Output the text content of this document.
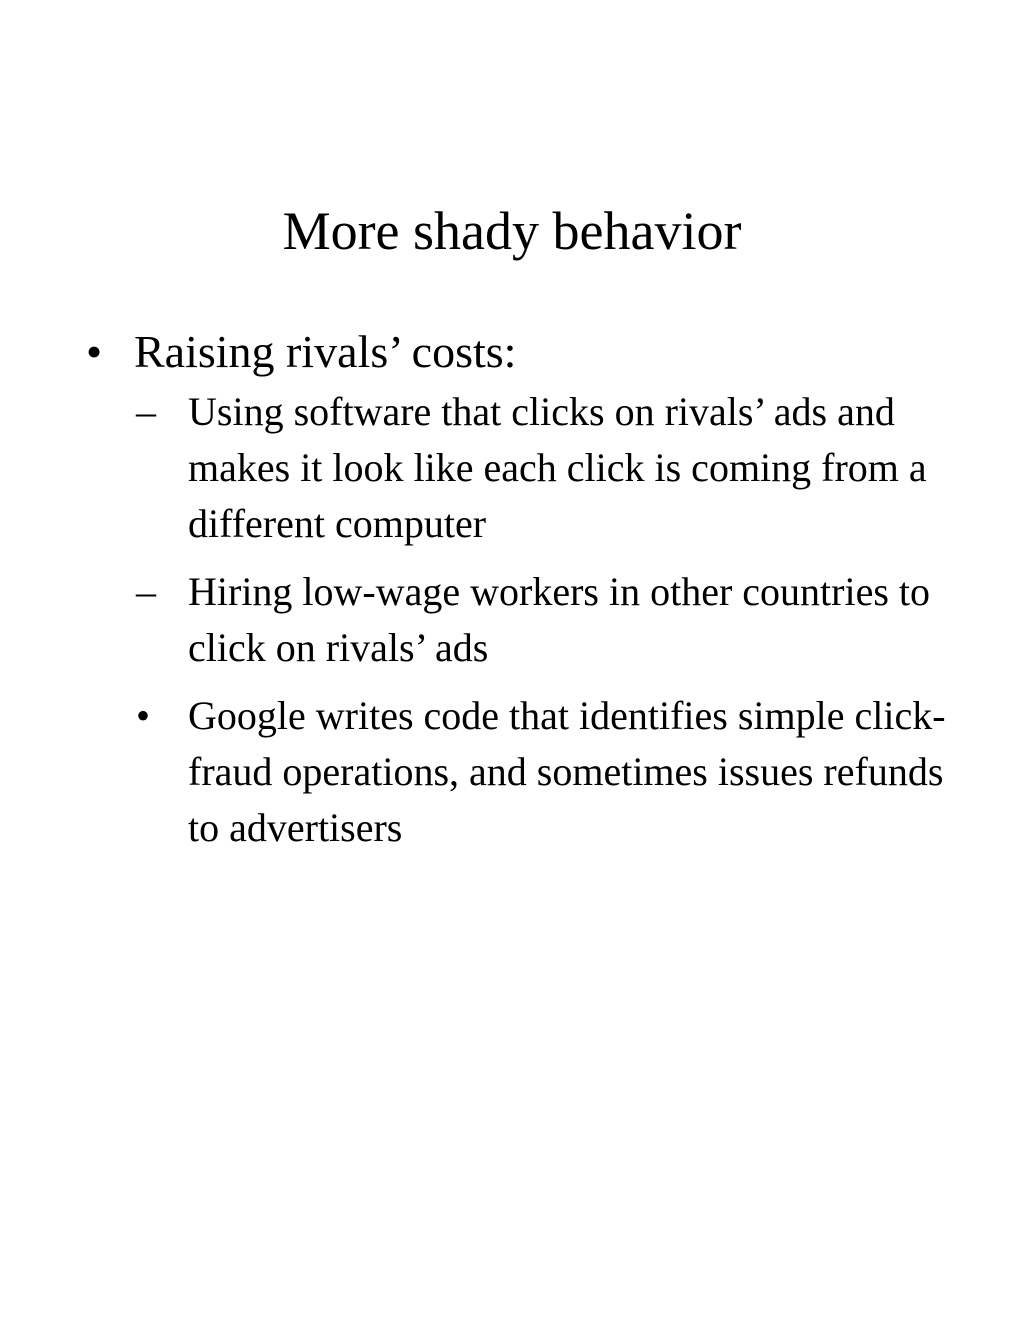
More shady behavior
• Raising rivals’ costs:
– Using software that clicks on rivals’ ads and makes it look like each click is coming from a different computer
– Hiring low-wage workers in other countries to click on rivals’ ads
• Google writes code that identifies simple click-fraud operations, and sometimes issues refunds to advertisers
